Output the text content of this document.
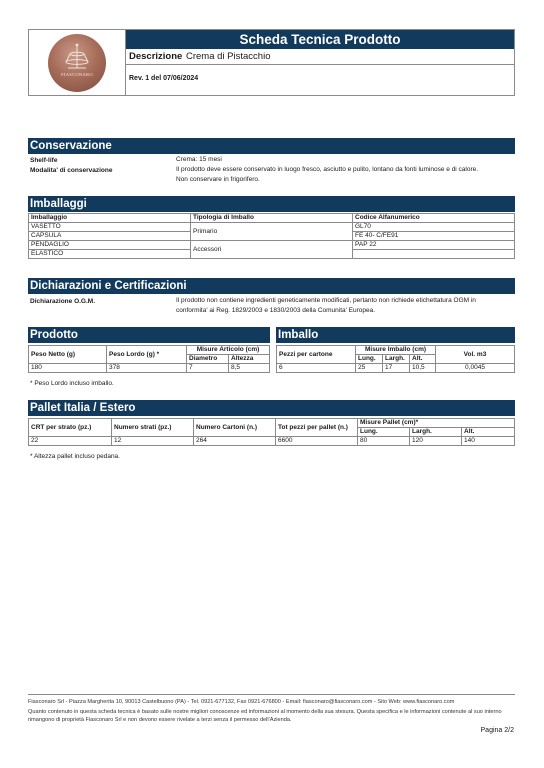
FIASCONARO
Scheda Tecnica Prodotto
Descrizione Crema di Pistacchio
Rev. 1 del 07/06/2024
Conservazione
Shelf-life	Crema: 15 mesi
Modalita' di conservazione	Il prodotto deve essere conservato in luogo fresco, asciutto e pulito, lontano da fonti luminose e di calore.
Non conservare in frigorifero.
Imballaggi
Imballaggio	Tipologia di Imballo	Codice Alfanumerico
VASETTO	Primario	GL70
CAPSULA		FE 40- C/FE91
PENDAGLIO	Accessori	PAP 22
ELASTICO		
Dichiarazioni e Certificazioni
Dichiarazione O.G.M.	Il prodotto non contiene ingredienti geneticamente modificati, pertanto non richiede etichettatura OGM in
conformita' ai Reg. 1829/2003 e 1830/2003 della Comunita' Europea.
Prodotto
Peso Netto (g)	Peso Lordo (g) *	Misure Articolo (cm)	
		Diametro	Altezza
180	378	7	8,5
* Peso Lordo incluso imballo.
Imballo
Pezzi per cartone	Misure Imballo (cm)			Vol. m3
	Lung.	Largh.	Alt.	
6	25	17	10,5	0,0045
Pallet Italia / Estero
CRT per strato (pz.)	Numero strati (pz.)	Numero Cartoni (n.)	Tot pezzi per pallet (n.)	Misure Pallet (cm)*		
				Lung.	Largh.	Alt.
22	12	264	6600	80	120	140
* Altezza pallet incluso pedana.
Fiasconaro Srl - Piazza Margherita 10, 90013 Castelbuono (PA) - Tel. 0921-677132, Fax 0921-676800 - Email: fiasconaro@fiasconaro.com - Sito Web: www.fiasconaro.com
Quanto contenuto in questa scheda tecnica è basato sulle nostre migliori conoscenze ed informazioni al momento della sua stesura. Questa specifica e le informazioni contenute al suo interno rimangono di proprietà Fiasconaro Srl e non devono essere rivelate a terzi senza il permesso dell'Azienda.
Pagina 2/2
